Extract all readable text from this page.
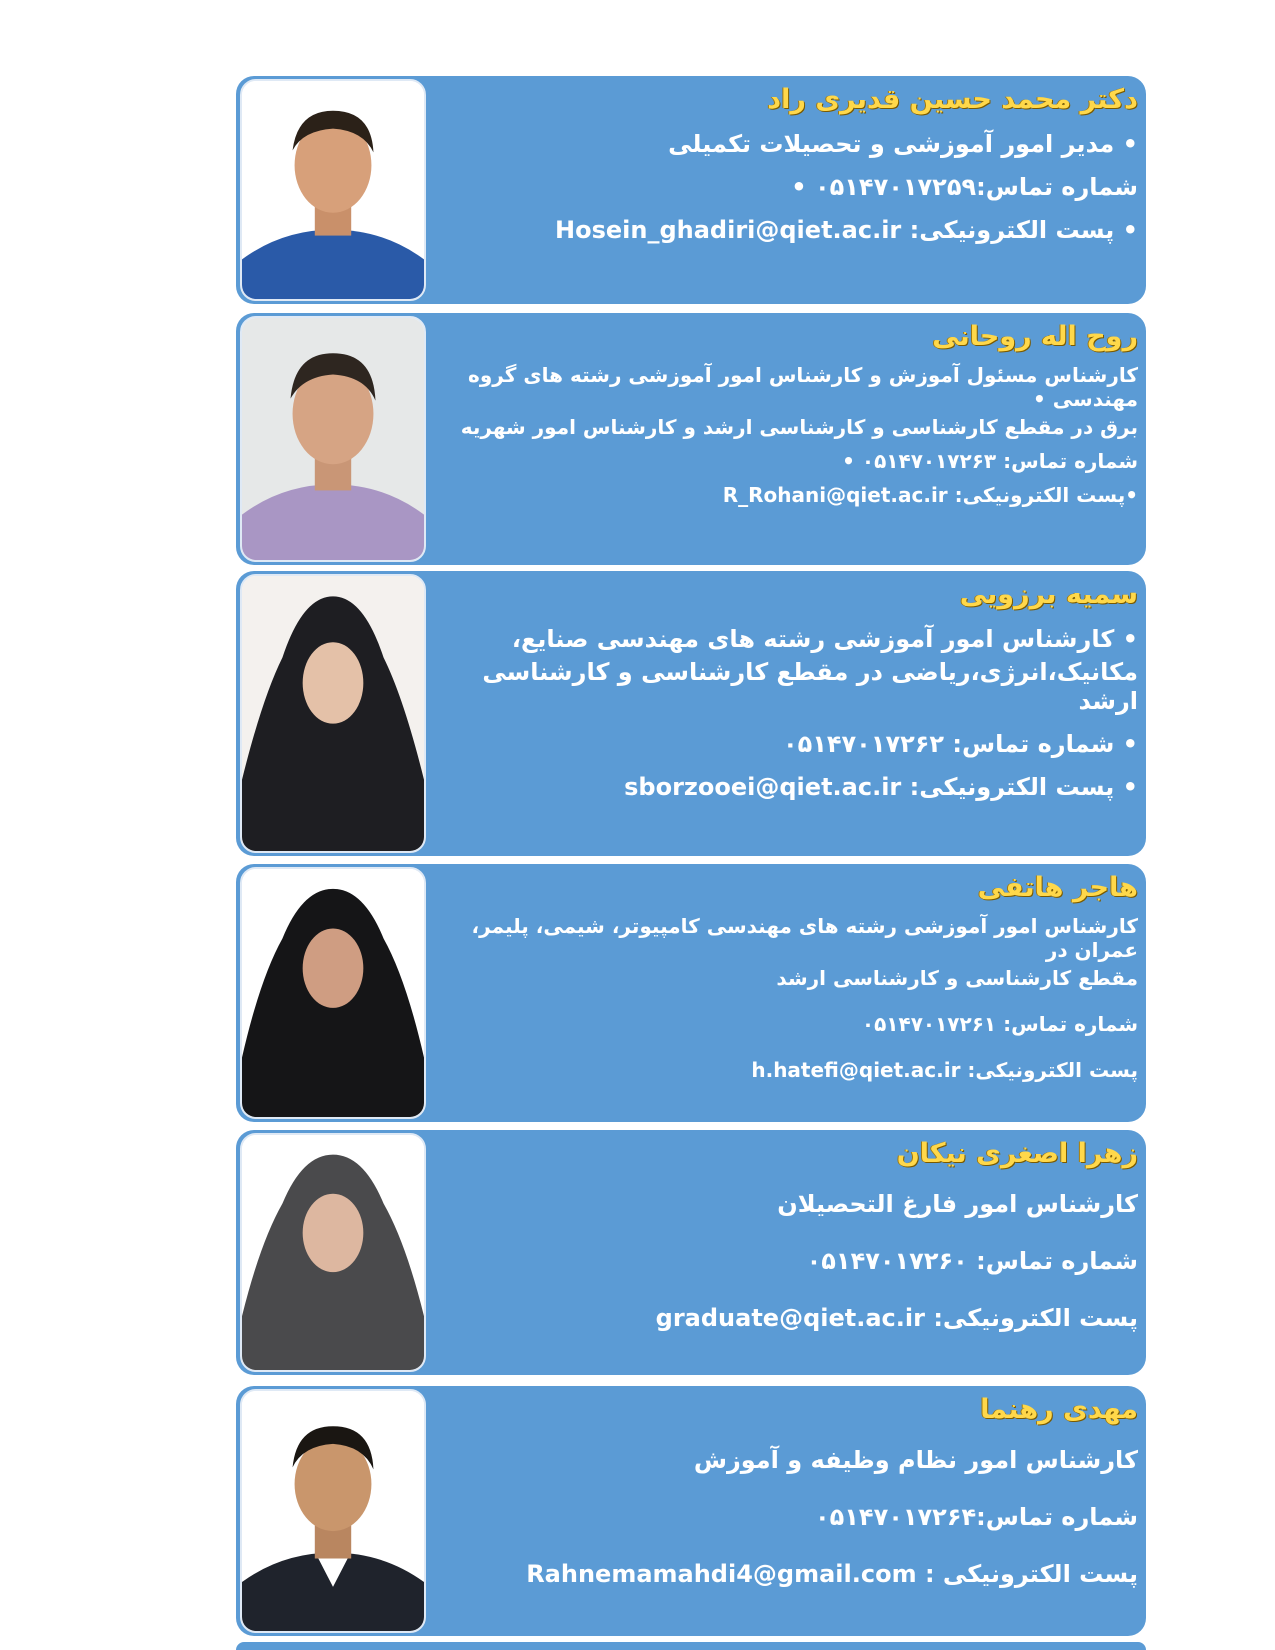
دکتر محمد حسین قدیری راد
• مدیر امور آموزشی و تحصیلات تکمیلی
شماره تماس:۰۵۱۴۷۰۱۷۲۵۹ •
• پست الکترونیکی: Hosein_ghadiri@qiet.ac.ir
روح اله روحانی
کارشناس مسئول آموزش و کارشناس امور آموزشی رشته های گروه مهندسی •
برق در مقطع کارشناسی و کارشناسی ارشد و کارشناس امور شهریه
شماره تماس: ۰۵۱۴۷۰۱۷۲۶۳ •
•پست الکترونیکی: R_Rohani@qiet.ac.ir
سمیه برزویی
• کارشناس امور آموزشی رشته های مهندسی صنایع،
مکانیک،انرژی،ریاضی در مقطع کارشناسی و کارشناسی ارشد
• شماره تماس: ۰۵۱۴۷۰۱۷۲۶۲
• پست الکترونیکی: sborzooei@qiet.ac.ir
هاجر هاتفی
کارشناس امور آموزشی رشته های مهندسی کامپیوتر، شیمی، پلیمر، عمران در
مقطع کارشناسی و کارشناسی ارشد
شماره تماس: ۰۵۱۴۷۰۱۷۲۶۱
پست الکترونیکی: h.hatefi@qiet.ac.ir
زهرا اصغری نیکان
کارشناس امور فارغ التحصیلان
شماره تماس: ۰۵۱۴۷۰۱۷۲۶۰
پست الکترونیکی: graduate@qiet.ac.ir
مهدی رهنما
کارشناس امور نظام وظیفه و آموزش
شماره تماس:۰۵۱۴۷۰۱۷۲۶۴
پست الکترونیکی : Rahnemamahdi4@gmail.com
